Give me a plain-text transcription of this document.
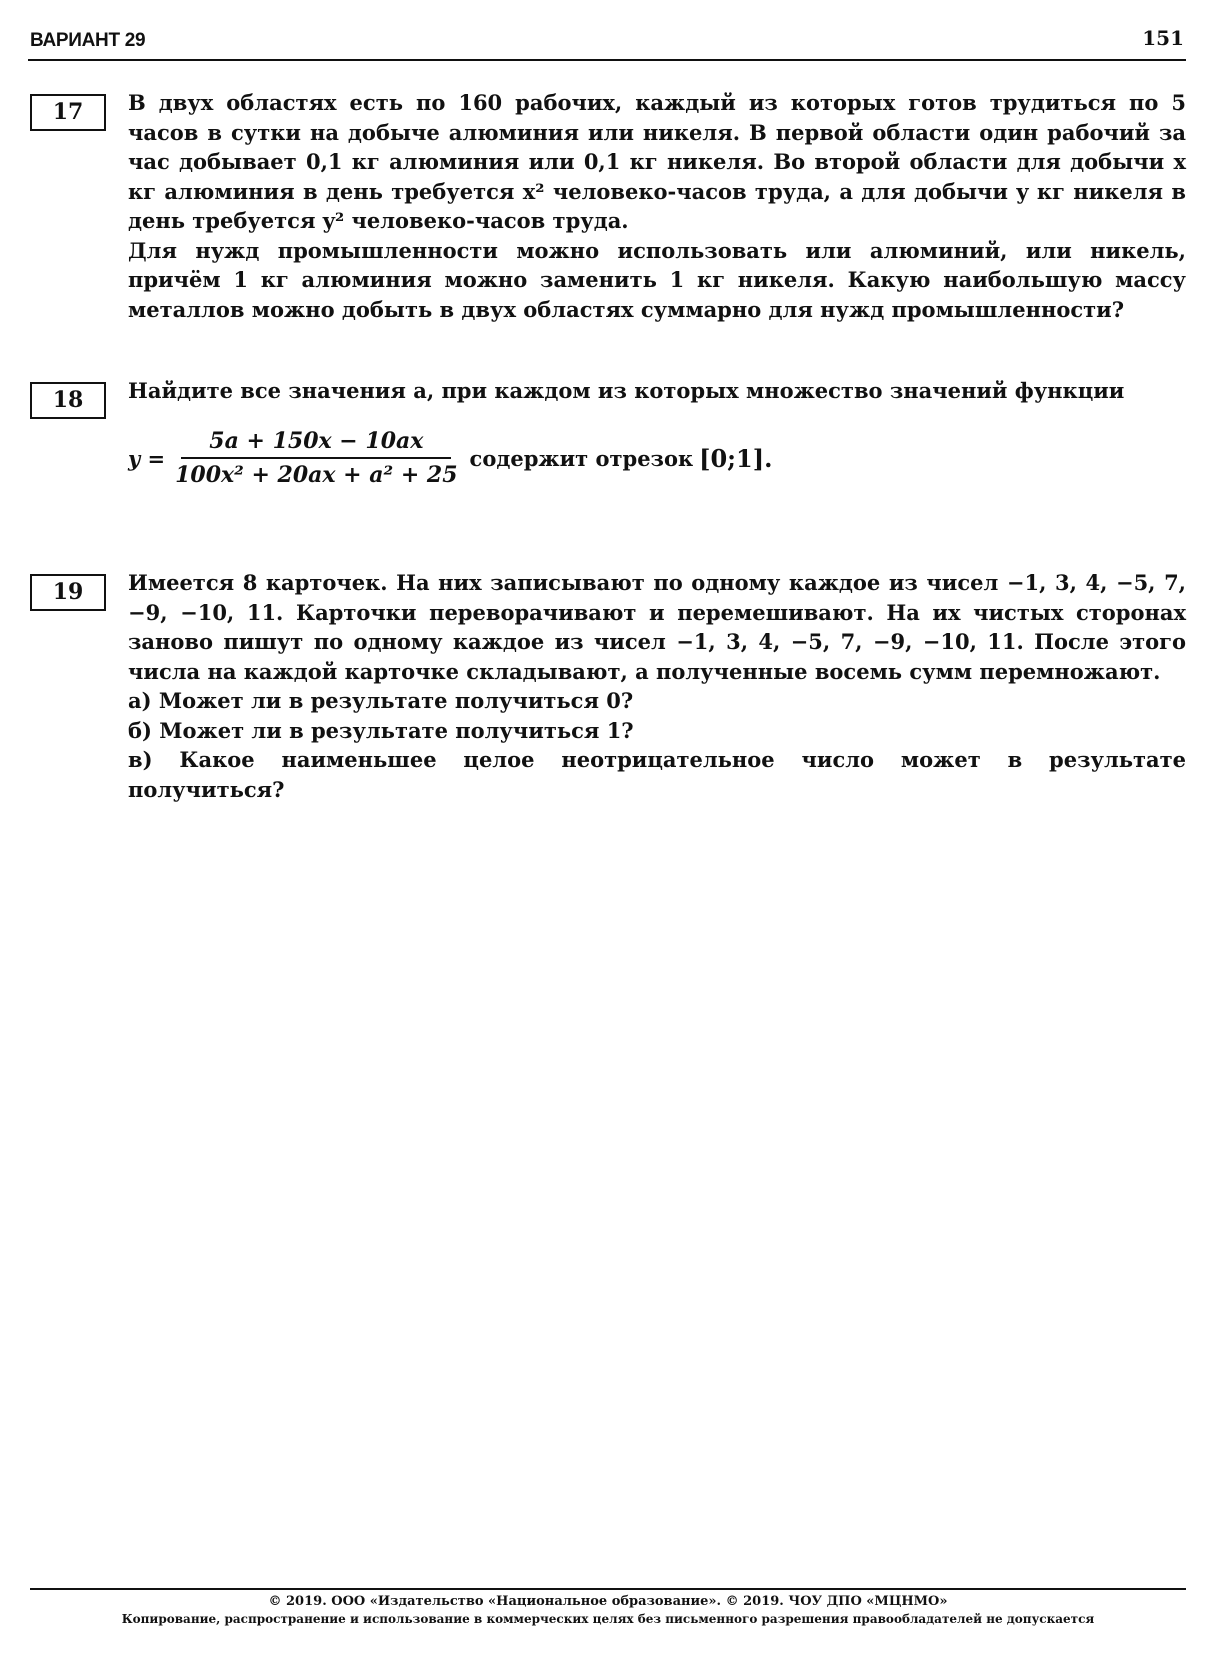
ВАРИАНТ 29	151
17	В двух областях есть по 160 рабочих, каждый из которых готов трудиться по 5 часов в сутки на добыче алюминия или никеля. В первой области один рабочий за час добывает 0,1 кг алюминия или 0,1 кг никеля. Во второй области для добычи x кг алюминия в день требуется x² человеко-часов труда, а для добычи y кг никеля в день требуется y² человеко-часов труда.

Для нужд промышленности можно использовать или алюминий, или никель, причём 1 кг алюминия можно заменить 1 кг никеля. Какую наибольшую массу металлов можно добыть в двух областях суммарно для нужд промышленности?

18	Найдите все значения a, при каждом из которых множество значений функции
$y = \frac{5a + 150x - 10ax}{\text{100x² + 20ax + a² + 25}}$ содержит отрезок [0;1].
19	Имеется 8 карточек. На них записывают по одному каждое из чисел −1, 3, 4, −5, 7, −9, −10, 11. Карточки переворачивают и перемешивают. На их чистых сторонах заново пишут по одному каждое из чисел −1, 3, 4, −5, 7, −9, −10, 11. После этого числа на каждой карточке складывают, а полученные восемь сумм перемножают.

а) Может ли в результате получиться 0?

б) Может ли в результате получиться 1?

в) Какое наименьшее целое неотрицательное число может в результате получиться?

© 2019. ООО «Издательство «Национальное образование». © 2019. ЧОУ ДПО «МЦНМО»
Копирование, распространение и использование в коммерческих целях без письменного разрешения правообладателей не допускается
